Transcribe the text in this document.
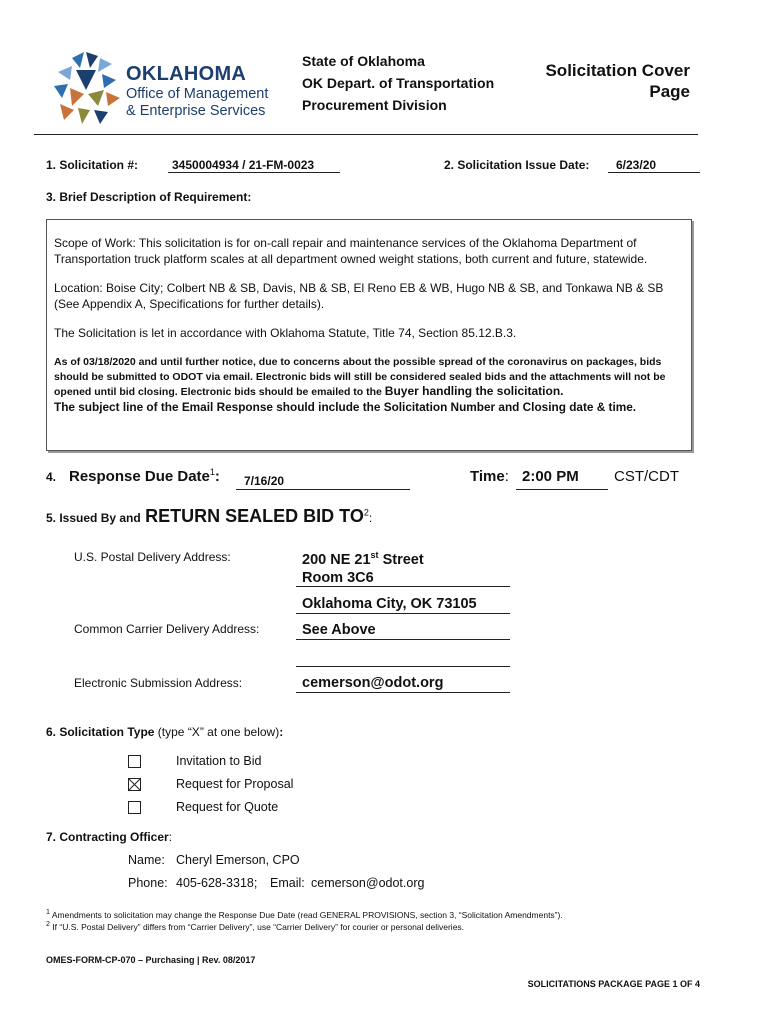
OKLAHOMA
Office of Management
& Enterprise Services
State of Oklahoma
OK Depart. of Transportation
Procurement Division
Solicitation Cover
Page
1. Solicitation #:	3450004934 / 21-FM-0023	2. Solicitation Issue Date: 6/23/20
3. Brief Description of Requirement:

Scope of Work: This solicitation is for on-call repair and maintenance services of the Oklahoma Department of Transportation truck platform scales at all department owned weight stations, both current and future, statewide.

Location: Boise City; Colbert NB & SB, Davis, NB & SB, El Reno EB & WB, Hugo NB & SB, and Tonkawa NB & SB (See Appendix A, Specifications for further details).

The Solicitation is let in accordance with Oklahoma Statute, Title 74, Section 85.12.B.3.

As of 03/18/2020 and until further notice, due to concerns about the possible spread of the coronavirus on packages, bids should be submitted to ODOT via email. Electronic bids will still be considered sealed bids and the attachments will not be opened until bid closing. Electronic bids should be emailed to the Buyer handling the solicitation.

The subject line of the Email Response should include the Solicitation Number and Closing date & time.

4. Response Due Date$^1$: 7/16/20	Time: 2:00 PM CST/CDT
5. Issued By and RETURN SEALED BID $TO^2$:
U.S. Postal Delivery Address:	200 NE 21st Street
Room 3C6
Oklahoma City, OK 73105
Common Carrier Delivery Address:	See Above
Electronic Submission Address:	cemerson@odot.org
6. Solicitation Type (type “X” at one below):
Invitation to Bid
Request for Proposal
Request for Quote
7. Contracting Officer:
Name: Cheryl Emerson, CPO
Phone: 405-628-3318; Email: cemerson@odot.org
$^1$ Amendments to solicitation may change the Response Due Date (read GENERAL PROVISIONS, section 3, “Solicitation Amendments”).
$^2$ If “U.S. Postal Delivery” differs from “Carrier Delivery”, use “Carrier Delivery” for courier or personal deliveries.
OMES-FORM-CP-070 – Purchasing | Rev. 08/2017
SOLICITATIONS PACKAGE PAGE 1 OF 4
